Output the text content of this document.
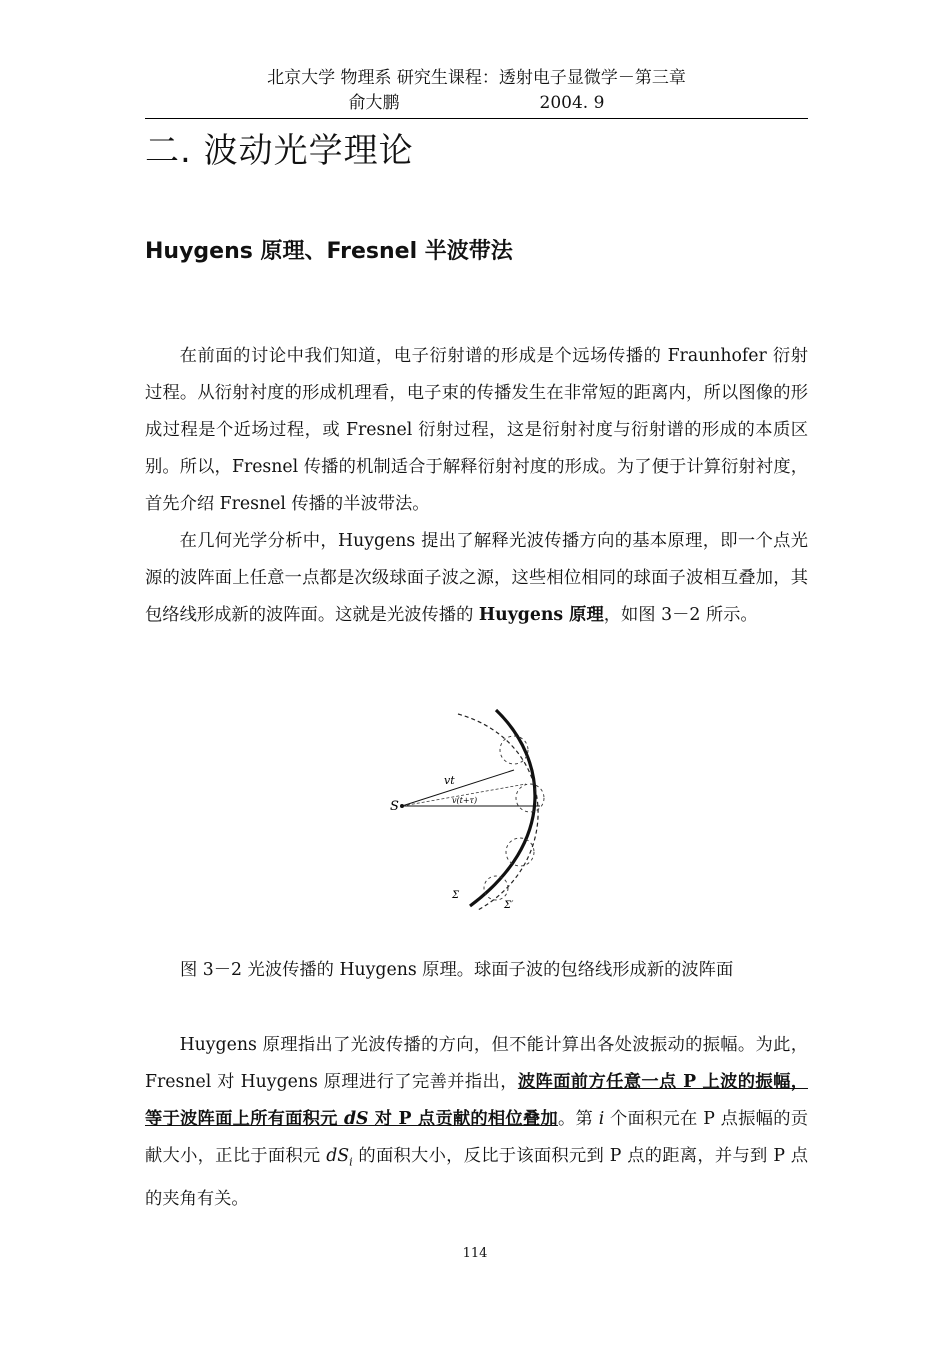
北京大学 物理系 研究生课程：透射电子显微学－第三章
俞大鹏	2004. 9
二. 波动光学理论
Huygens 原理、Fresnel 半波带法

在前面的讨论中我们知道，电子衍射谱的形成是个远场传播的 Fraunhofer 衍射过程。从衍射衬度的形成机理看，电子束的传播发生在非常短的距离内，所以图像的形成过程是个近场过程，或 Fresnel 衍射过程，这是衍射衬度与衍射谱的形成的本质区别。所以，Fresnel 传播的机制适合于解释衍射衬度的形成。为了便于计算衍射衬度，首先介绍 Fresnel 传播的半波带法。

在几何光学分析中，Huygens 提出了解释光波传播方向的基本原理，即一个点光源的波阵面上任意一点都是次级球面子波之源，这些相位相同的球面子波相互叠加，其包络线形成新的波阵面。这就是光波传播的 Huygens 原理，如图 3－2 所示。

S
vt
v(t+τ)
Σ
Σ′
图 3－2 光波传播的 Huygens 原理。球面子波的包络线形成新的波阵面

Huygens 原理指出了光波传播的方向，但不能计算出各处波振动的振幅。为此，Fresnel 对 Huygens 原理进行了完善并指出，波阵面前方任意一点 P 上波的振幅，等于波阵面上所有面积元 dS 对 P 点贡献的相位叠加。第 i 个面积元在 P 点振幅的贡献大小，正比于面积元 $dS_i$ 的面积大小，反比于该面积元到 P 点的距离，并与到 P 点的夹角有关。

114
